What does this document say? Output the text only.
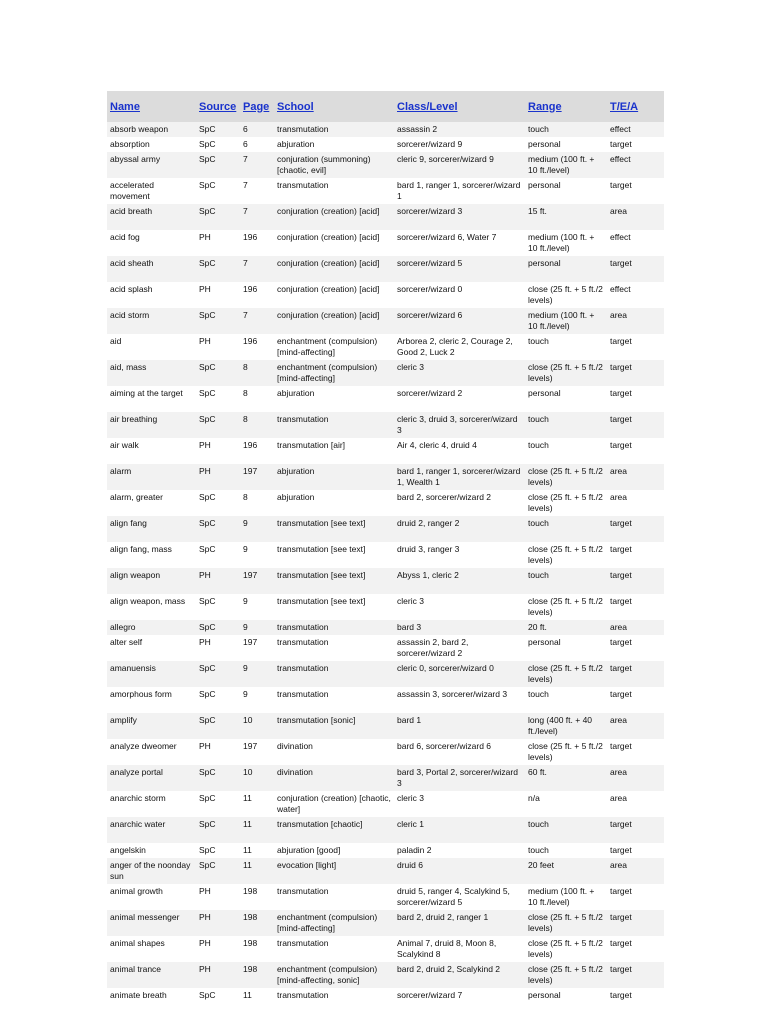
Name	Source	Page	School	Class/Level	Range	T/E/A
absorb weapon	SpC	6	transmutation	assassin 2	touch	effect
absorption	SpC	6	abjuration	sorcerer/wizard 9	personal	target
abyssal army	SpC	7	conjuration (summoning) [chaotic, evil]	cleric 9, sorcerer/wizard 9	medium (100 ft. + 10 ft./level)	effect
accelerated movement	SpC	7	transmutation	bard 1, ranger 1, sorcerer/wizard 1	personal	target
acid breath	SpC	7	conjuration (creation) [acid]	sorcerer/wizard 3	15 ft.	area
acid fog	PH	196	conjuration (creation) [acid]	sorcerer/wizard 6, Water 7	medium (100 ft. + 10 ft./level)	effect
acid sheath	SpC	7	conjuration (creation) [acid]	sorcerer/wizard 5	personal	target
acid splash	PH	196	conjuration (creation) [acid]	sorcerer/wizard 0	close (25 ft. + 5 ft./2 levels)	effect
acid storm	SpC	7	conjuration (creation) [acid]	sorcerer/wizard 6	medium (100 ft. + 10 ft./level)	area
aid	PH	196	enchantment (compulsion) [mind-affecting]	Arborea 2, cleric 2, Courage 2, Good 2, Luck 2	touch	target
aid, mass	SpC	8	enchantment (compulsion) [mind-affecting]	cleric 3	close (25 ft. + 5 ft./2 levels)	target
aiming at the target	SpC	8	abjuration	sorcerer/wizard 2	personal	target
air breathing	SpC	8	transmutation	cleric 3, druid 3, sorcerer/wizard 3	touch	target
air walk	PH	196	transmutation [air]	Air 4, cleric 4, druid 4	touch	target
alarm	PH	197	abjuration	bard 1, ranger 1, sorcerer/wizard 1, Wealth 1	close (25 ft. + 5 ft./2 levels)	area
alarm, greater	SpC	8	abjuration	bard 2, sorcerer/wizard 2	close (25 ft. + 5 ft./2 levels)	area
align fang	SpC	9	transmutation [see text]	druid 2, ranger 2	touch	target
align fang, mass	SpC	9	transmutation [see text]	druid 3, ranger 3	close (25 ft. + 5 ft./2 levels)	target
align weapon	PH	197	transmutation [see text]	Abyss 1, cleric 2	touch	target
align weapon, mass	SpC	9	transmutation [see text]	cleric 3	close (25 ft. + 5 ft./2 levels)	target
allegro	SpC	9	transmutation	bard 3	20 ft.	area
alter self	PH	197	transmutation	assassin 2, bard 2, sorcerer/wizard 2	personal	target
amanuensis	SpC	9	transmutation	cleric 0, sorcerer/wizard 0	close (25 ft. + 5 ft./2 levels)	target
amorphous form	SpC	9	transmutation	assassin 3, sorcerer/wizard 3	touch	target
amplify	SpC	10	transmutation [sonic]	bard 1	long (400 ft. + 40 ft./level)	area
analyze dweomer	PH	197	divination	bard 6, sorcerer/wizard 6	close (25 ft. + 5 ft./2 levels)	target
analyze portal	SpC	10	divination	bard 3, Portal 2, sorcerer/wizard 3	60 ft.	area
anarchic storm	SpC	11	conjuration (creation) [chaotic, water]	cleric 3	n/a	area
anarchic water	SpC	11	transmutation [chaotic]	cleric 1	touch	target
angelskin	SpC	11	abjuration [good]	paladin 2	touch	target
anger of the noonday sun	SpC	11	evocation [light]	druid 6	20 feet	area
animal growth	PH	198	transmutation	druid 5, ranger 4, Scalykind 5, sorcerer/wizard 5	medium (100 ft. + 10 ft./level)	target
animal messenger	PH	198	enchantment (compulsion) [mind-affecting]	bard 2, druid 2, ranger 1	close (25 ft. + 5 ft./2 levels)	target
animal shapes	PH	198	transmutation	Animal 7, druid 8, Moon 8, Scalykind 8	close (25 ft. + 5 ft./2 levels)	target
animal trance	PH	198	enchantment (compulsion) [mind-affecting, sonic]	bard 2, druid 2, Scalykind 2	close (25 ft. + 5 ft./2 levels)	target
animate breath	SpC	11	transmutation	sorcerer/wizard 7	personal	target
